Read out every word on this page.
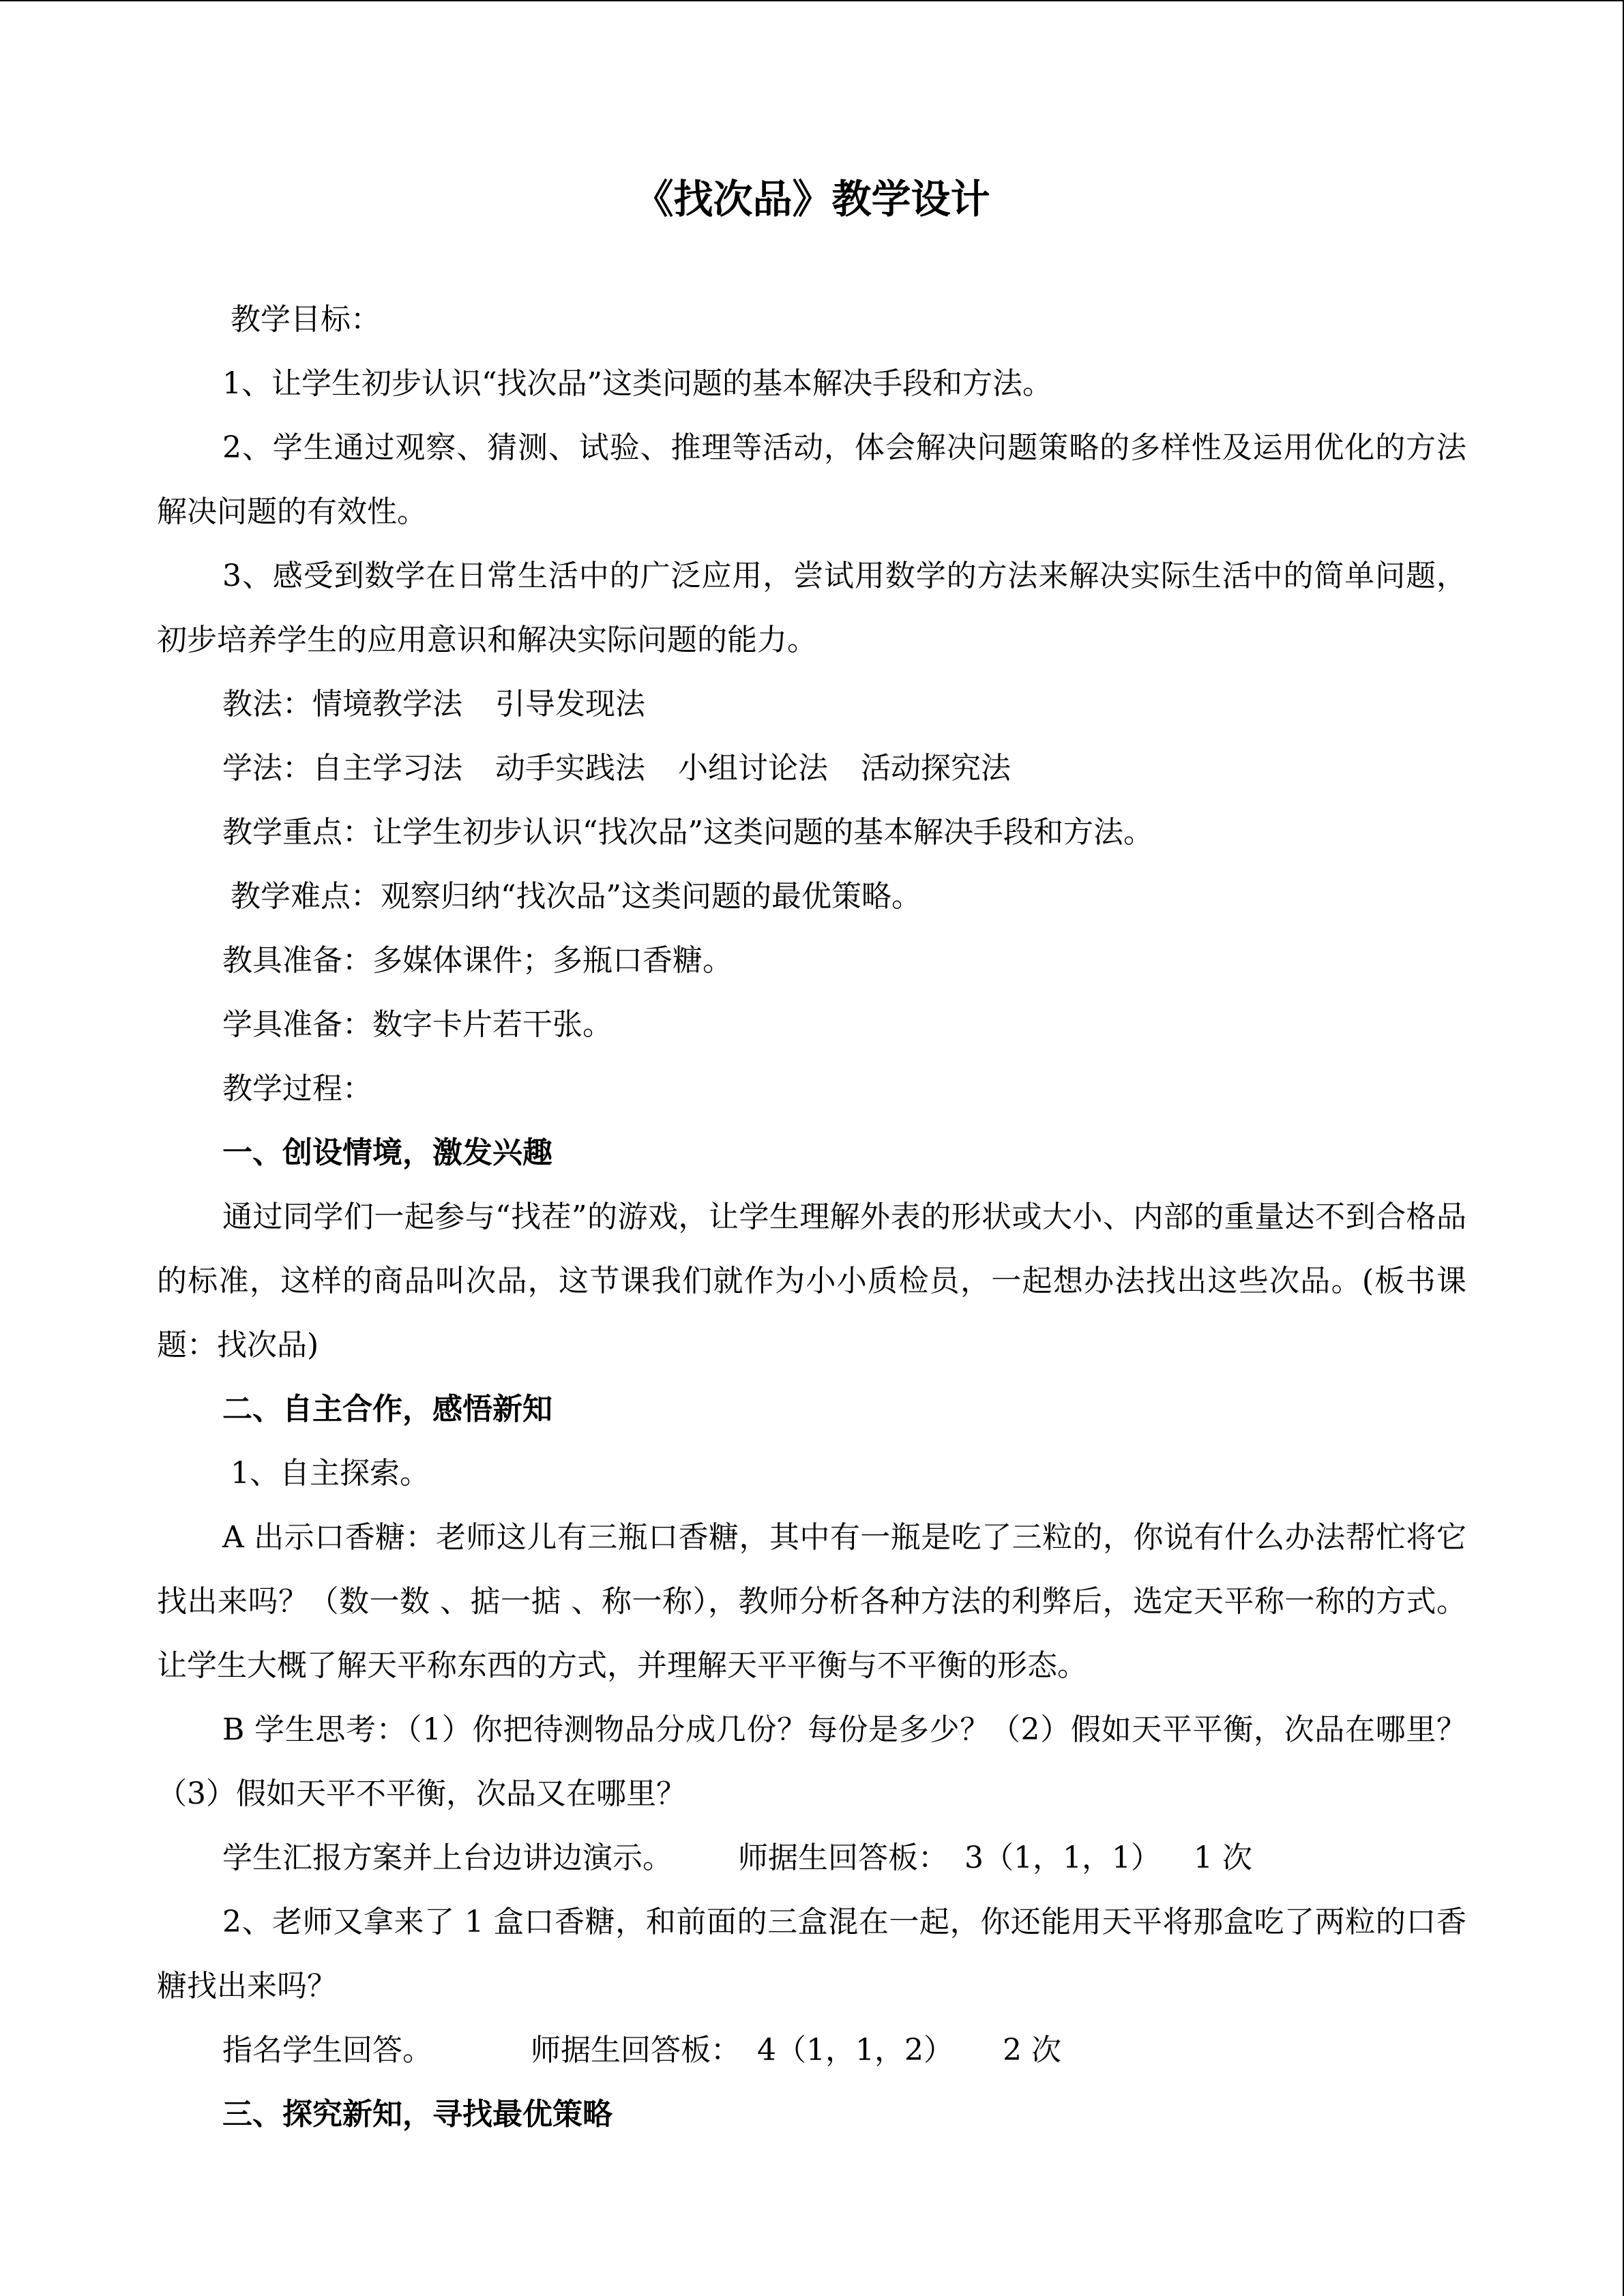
《找次品》教学设计

教学目标：

1、让学生初步认识“找次品”这类问题的基本解决手段和方法。

2、学生通过观察、猜测、试验、推理等活动，体会解决问题策略的多样性及运用优化的方法解决问题的有效性。

3、感受到数学在日常生活中的广泛应用，尝试用数学的方法来解决实际生活中的简单问题，初步培养学生的应用意识和解决实际问题的能力。

教法：情境教学法 引导发现法

学法：自主学习法 动手实践法 小组讨论法 活动探究法

教学重点：让学生初步认识“找次品”这类问题的基本解决手段和方法。

教学难点：观察归纳“找次品”这类问题的最优策略。

教具准备：多媒体课件；多瓶口香糖。

学具准备：数字卡片若干张。

教学过程：

一、创设情境，激发兴趣

通过同学们一起参与“找茬”的游戏，让学生理解外表的形状或大小、内部的重量达不到合格品的标准，这样的商品叫次品，这节课我们就作为小小质检员，一起想办法找出这些次品。(板书课题：找次品)

二、自主合作，感悟新知

1、自主探索。

A 出示口香糖：老师这儿有三瓶口香糖，其中有一瓶是吃了三粒的，你说有什么办法帮忙将它找出来吗？（数一数 、掂一掂 、称一称），教师分析各种方法的利弊后，选定天平称一称的方式。让学生大概了解天平称东西的方式，并理解天平平衡与不平衡的形态。

B 学生思考：（1）你把待测物品分成几份？每份是多少？（2）假如天平平衡，次品在哪里？（3）假如天平不平衡，次品又在哪里？

学生汇报方案并上台边讲边演示。 师据生回答板： 3（1，1，1） 1 次

2、老师又拿来了 1 盒口香糖，和前面的三盒混在一起，你还能用天平将那盒吃了两粒的口香糖找出来吗？

指名学生回答。	师据生回答板： 4（1，1，2） 2 次

三、探究新知，寻找最优策略
